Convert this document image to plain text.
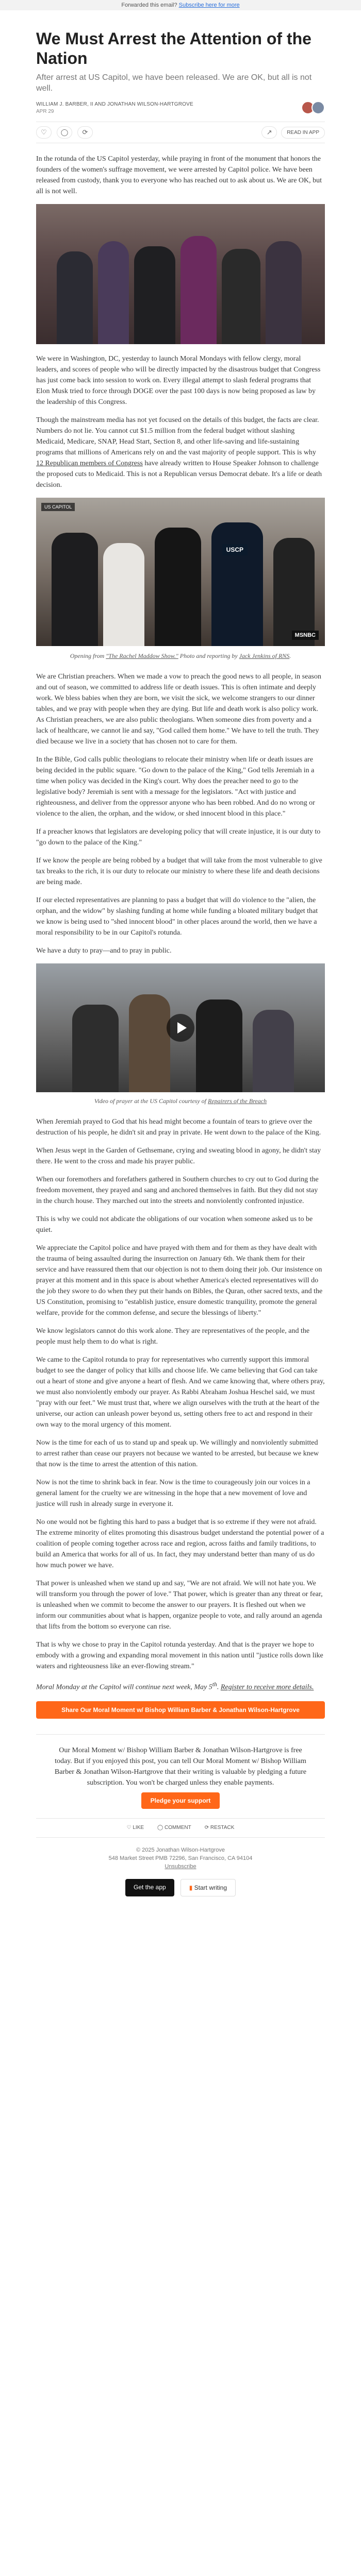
Forwarded this email? Subscribe here for more
We Must Arrest the Attention of the Nation
After arrest at US Capitol, we have been released. We are OK, but all is not well.
WILLIAM J. BARBER, II AND JONATHAN WILSON-HARTGROVE
APR 29
♡	◯	⟳	↗	READ IN APP

In the rotunda of the US Capitol yesterday, while praying in front of the monument that honors the founders of the women's suffrage movement, we were arrested by Capitol police. We have been released from custody, thank you to everyone who has reached out to ask about us. We are OK, but all is not well.

We were in Washington, DC, yesterday to launch Moral Mondays with fellow clergy, moral leaders, and scores of people who will be directly impacted by the disastrous budget that Congress has just come back into session to work on. Every illegal attempt to slash federal programs that Elon Musk tried to force through DOGE over the past 100 days is now being proposed as law by the leadership of this Congress.

Though the mainstream media has not yet focused on the details of this budget, the facts are clear. Numbers do not lie. You cannot cut $1.5 million from the federal budget without slashing Medicaid, Medicare, SNAP, Head Start, Section 8, and other life-saving and life-sustaining programs that millions of Americans rely on and the vast majority of people support. This is why 12 Republican members of Congress have already written to House Speaker Johnson to challenge the proposed cuts to Medicaid. This is not a Republican versus Democrat debate. It's a life or death decision.

US CAPITOL
USCP
MSNBC
Opening from "The Rachel Maddow Show." Photo and reporting by Jack Jenkins of RNS.

We are Christian preachers. When we made a vow to preach the good news to all people, in season and out of season, we committed to address life or death issues. This is often intimate and deeply work. We bless babies when they are born, we visit the sick, we welcome strangers to our dinner tables, and we pray with people when they are dying. But life and death work is also policy work. As Christian preachers, we are also public theologians. When someone dies from poverty and a lack of healthcare, we cannot lie and say, "God called them home." We have to tell the truth. They died because we live in a society that has chosen not to care for them.

In the Bible, God calls public theologians to relocate their ministry when life or death issues are being decided in the public square. "Go down to the palace of the King," God tells Jeremiah in a time when policy was decided in the King's court. Why does the preacher need to go to the legislative body? Jeremiah is sent with a message for the legislators. "Act with justice and righteousness, and deliver from the oppressor anyone who has been robbed. And do no wrong or violence to the alien, the orphan, and the widow, or shed innocent blood in this place."

If a preacher knows that legislators are developing policy that will create injustice, it is our duty to "go down to the palace of the King."

If we know the people are being robbed by a budget that will take from the most vulnerable to give tax breaks to the rich, it is our duty to relocate our ministry to where these life and death decisions are being made.

If our elected representatives are planning to pass a budget that will do violence to the "alien, the orphan, and the widow" by slashing funding at home while funding a bloated military budget that we know is being used to "shed innocent blood" in other places around the world, then we have a moral responsibility to be in our Capitol's rotunda.

We have a duty to pray—and to pray in public.

Video of prayer at the US Capitol courtesy of Repairers of the Breach

When Jeremiah prayed to God that his head might become a fountain of tears to grieve over the destruction of his people, he didn't sit and pray in private. He went down to the palace of the King.

When Jesus wept in the Garden of Gethsemane, crying and sweating blood in agony, he didn't stay there. He went to the cross and made his prayer public.

When our foremothers and forefathers gathered in Southern churches to cry out to God during the freedom movement, they prayed and sang and anchored themselves in faith. But they did not stay in the church house. They marched out into the streets and nonviolently confronted injustice.

This is why we could not abdicate the obligations of our vocation when someone asked us to be quiet.

We appreciate the Capitol police and have prayed with them and for them as they have dealt with the trauma of being assaulted during the insurrection on January 6th. We thank them for their service and have reassured them that our objection is not to them doing their job. Our insistence on prayer at this moment and in this space is about whether America's elected representatives will do the job they swore to do when they put their hands on Bibles, the Quran, other sacred texts, and the US Constitution, promising to "establish justice, ensure domestic tranquility, promote the general welfare, provide for the common defense, and secure the blessings of liberty."

We know legislators cannot do this work alone. They are representatives of the people, and the people must help them to do what is right.

We came to the Capitol rotunda to pray for representatives who currently support this immoral budget to see the danger of policy that kills and choose life. We came believing that God can take out a heart of stone and give anyone a heart of flesh. And we came knowing that, where others pray, we must also nonviolently embody our prayer. As Rabbi Abraham Joshua Heschel said, we must "pray with our feet." We must trust that, where we align ourselves with the truth at the heart of the universe, our action can unleash power beyond us, setting others free to act and respond in their own way to the moral urgency of this moment.

Now is the time for each of us to stand up and speak up. We willingly and nonviolently submitted to arrest rather than cease our prayers not because we wanted to be arrested, but because we knew that now is the time to arrest the attention of this nation.

Now is not the time to shrink back in fear. Now is the time to courageously join our voices in a general lament for the cruelty we are witnessing in the hope that a new movement of love and justice will rush in already surge in everyone it.

No one would not be fighting this hard to pass a budget that is so extreme if they were not afraid. The extreme minority of elites promoting this disastrous budget understand the potential power of a coalition of people coming together across race and region, across faiths and family traditions, to build an America that works for all of us. In fact, they may understand better than many of us do how much power we have.

That power is unleashed when we stand up and say, "We are not afraid. We will not hate you. We will transform you through the power of love." That power, which is greater than any threat or fear, is unleashed when we commit to become the answer to our prayers. It is fleshed out when we inform our communities about what is happen, organize people to vote, and rally around an agenda that lifts from the bottom so everyone can rise.

That is why we chose to pray in the Capitol rotunda yesterday. And that is the prayer we hope to embody with a growing and expanding moral movement in this nation until "justice rolls down like waters and righteousness like an ever-flowing stream."

Moral Monday at the Capitol will continue next week, May 5th. Register to receive more details.

Share Our Moral Moment w/ Bishop William Barber & Jonathan Wilson-Hartgrove
Our Moral Moment w/ Bishop William Barber & Jonathan Wilson-Hartgrove is free today. But if you enjoyed this post, you can tell Our Moral Moment w/ Bishop William Barber & Jonathan Wilson-Hartgrove that their writing is valuable by pledging a future subscription. You won't be charged unless they enable payments.
Pledge your support
♡ LIKE	◯ COMMENT	⟳ RESTACK
© 2025 Jonathan Wilson-Hartgrove
548 Market Street PMB 72296, San Francisco, CA 94104
Unsubscribe
Get the app	▮ Start writing
